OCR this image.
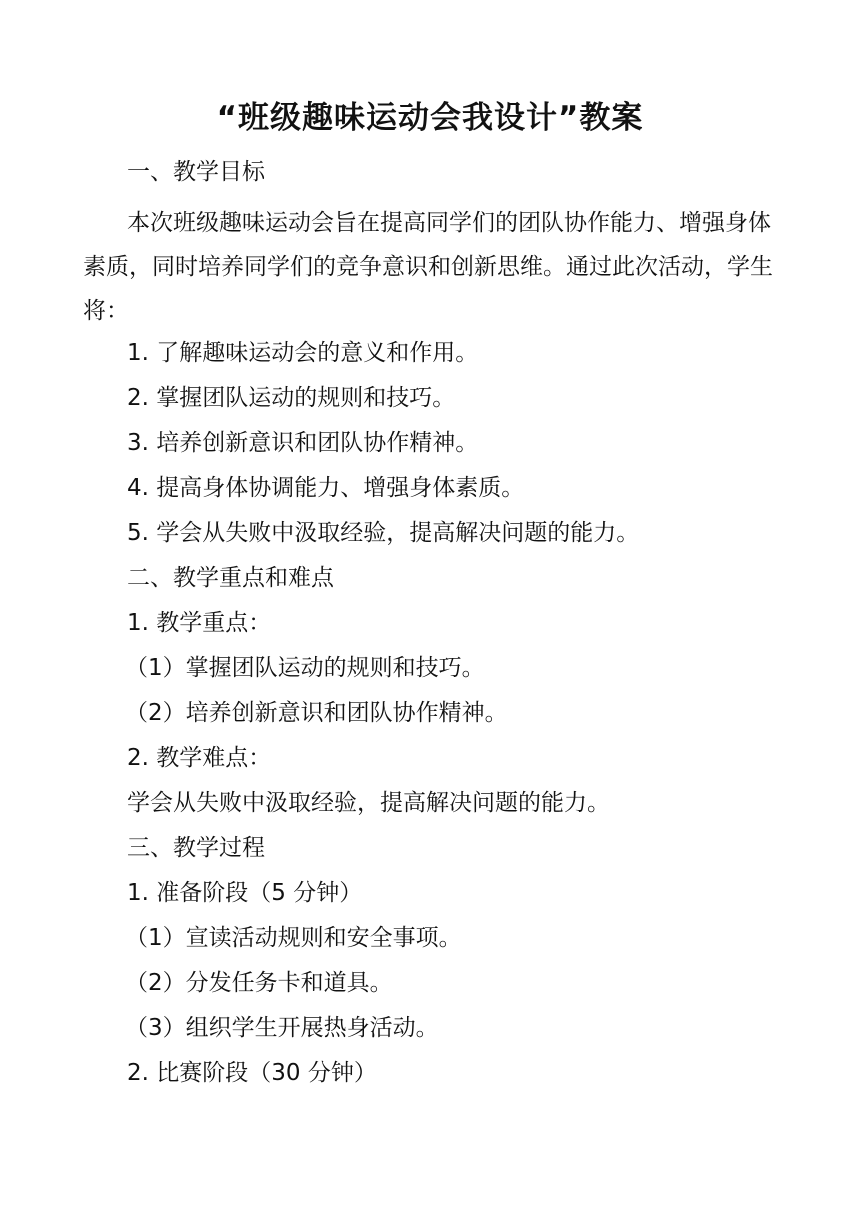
“班级趣味运动会我设计”教案

一、教学目标

本次班级趣味运动会旨在提高同学们的团队协作能力、增强身体
素质，同时培养同学们的竞争意识和创新思维。通过此次活动，学生
将：

1. 了解趣味运动会的意义和作用。

2. 掌握团队运动的规则和技巧。

3. 培养创新意识和团队协作精神。

4. 提高身体协调能力、增强身体素质。

5. 学会从失败中汲取经验，提高解决问题的能力。

二、教学重点和难点

1. 教学重点：

（1）掌握团队运动的规则和技巧。

（2）培养创新意识和团队协作精神。

2. 教学难点：

学会从失败中汲取经验，提高解决问题的能力。

三、教学过程

1. 准备阶段（5 分钟）

（1）宣读活动规则和安全事项。

（2）分发任务卡和道具。

（3）组织学生开展热身活动。

2. 比赛阶段（30 分钟）
